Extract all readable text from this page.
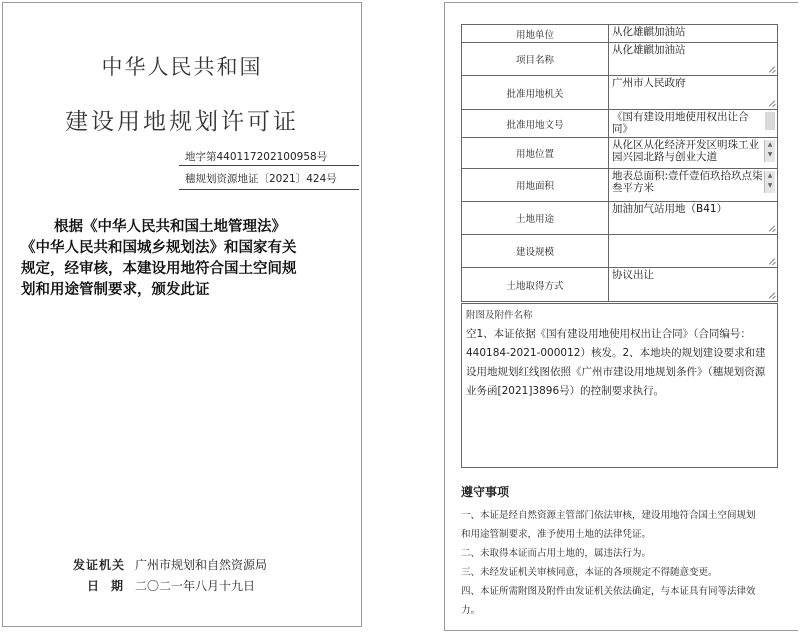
中华人民共和国
建设用地规划许可证
地字第440117202100958号
穗规划资源地证〔2021〕424号
根据《中华人民共和国土地管理法》
《中华人民共和国城乡规划法》和国家有关
规定，经审核，本建设用地符合国土空间规
划和用途管制要求，颁发此证
发证机关 广州市规划和自然资源局
日期二〇二一年八月十九日
用地单位	从化雄麒加油站
项目名称	从化雄麒加油站

批准用地机关	广州市人民政府

批准用地文号	《国有建设用地使用权出让合同》

用地位置	从化区从化经济开发区明珠工业园兴园北路与创业大道
▲
▼

用地面积	地表总面积:壹仟壹佰玖拾玖点柒叁平方米
▲
▼

土地用途	加油加气站用地（B41）

建设规模	

土地取得方式	协议出让
附图及附件名称
空1、本证依据《国有建设用地使用权出让合同》（合同编号：440184-2021-000012）核发。2、本地块的规划建设要求和建设用地规划红线图依照《广州市建设用地规划条件》（穗规划资源业务函[2021]3896号）的控制要求执行。
遵守事项
一、本证是经自然资源主管部门依法审核，建设用地符合国土空间规划
和用途管制要求，准予使用土地的法律凭证。
二、未取得本证而占用土地的，属违法行为。
三、未经发证机关审核同意，本证的各项规定不得随意变更。
四、本证所需附图及附件由发证机关依法确定，与本证具有同等法律效
力。
